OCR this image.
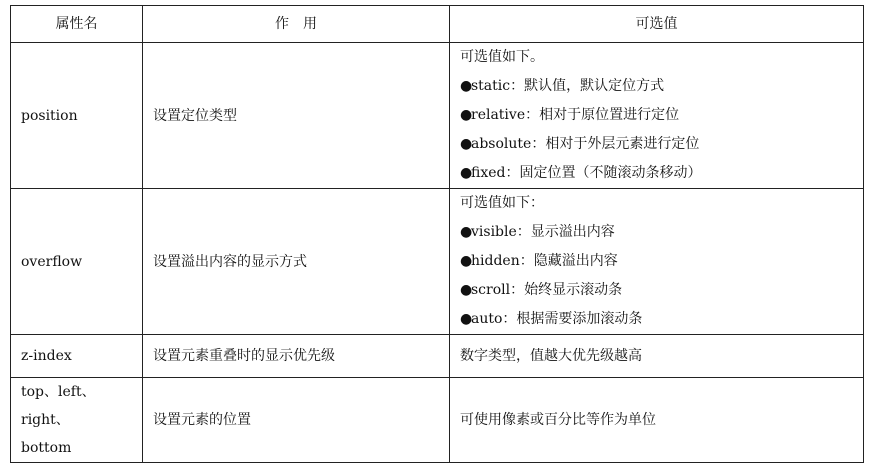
属性名	作　用	可选值
position	设置定位类型	可选值如下。
●static：默认值，默认定位方式
●relative：相对于原位置进行定位
●absolute：相对于外层元素进行定位
●fixed：固定位置（不随滚动条移动）

overflow	设置溢出内容的显示方式	可选值如下：
●visible：显示溢出内容
●hidden：隐藏溢出内容
●scroll：始终显示滚动条
●auto：根据需要添加滚动条

z-index	设置元素重叠时的显示优先级	数字类型，值越大优先级越高

top、left、right、
bottom	设置元素的位置	可使用像素或百分比等作为单位
